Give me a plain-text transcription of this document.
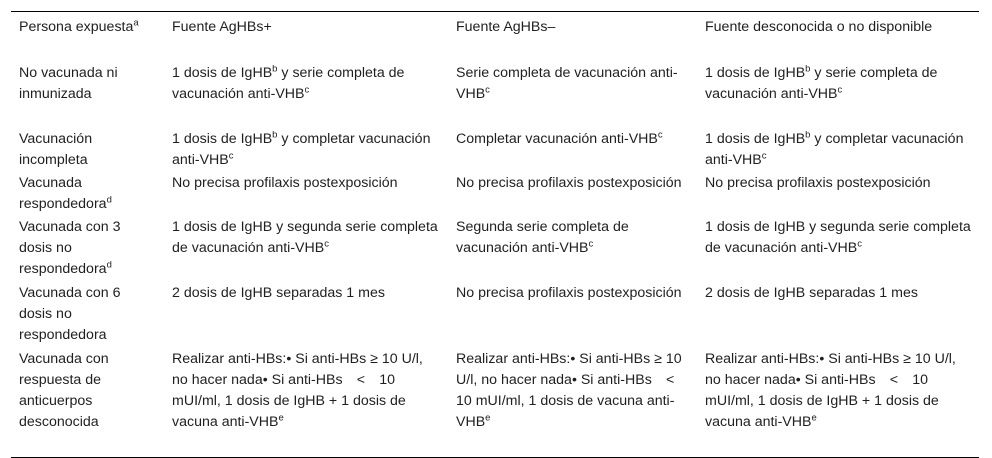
Persona expuesta$^a$	Fuente AgHBs+	Fuente AgHBs–	Fuente desconocida o no disponible
No vacunada ni inmunizada	1 dosis de IgHB$^b$ y serie completa de vacunación anti-VHB$^c$	Serie completa de vacunación anti-VHB$^c$	1 dosis de IgHB$^b$ y serie completa de vacunación anti-VHB$^c$
Vacunación incompleta	1 dosis de IgHB$^b$ y completar vacunación anti-VHB$^c$	Completar vacunación anti-VHB$^c$	1 dosis de IgHB$^b$ y completar vacunación anti-VHB$^c$
Vacunada respondedora$^d$	No precisa profilaxis postexposición	No precisa profilaxis postexposición	No precisa profilaxis postexposición
Vacunada con 3 dosis no respondedora$^d$	1 dosis de IgHB y segunda serie completa de vacunación anti-VHB$^c$	Segunda serie completa de vacunación anti-VHB$^c$	1 dosis de IgHB y segunda serie completa de vacunación anti-VHB$^c$
Vacunada con 6 dosis no respondedora	2 dosis de IgHB separadas 1 mes	No precisa profilaxis postexposición	2 dosis de IgHB separadas 1 mes
Vacunada con respuesta de anticuerpos desconocida	Realizar anti-HBs:• Si anti-HBs ≥ 10 U/l, no hacer nada• Si anti-HBs < 10 mUI/ml, 1 dosis de IgHB + 1 dosis de vacuna anti-VHB$^e$	Realizar anti-HBs:• Si anti-HBs ≥ 10 U/l, no hacer nada• Si anti-HBs < 10 mUI/ml, 1 dosis de vacuna anti-VHB$^e$	Realizar anti-HBs:• Si anti-HBs ≥ 10 U/l, no hacer nada• Si anti-HBs < 10 mUI/ml, 1 dosis de IgHB + 1 dosis de vacuna anti-VHB$^e$
